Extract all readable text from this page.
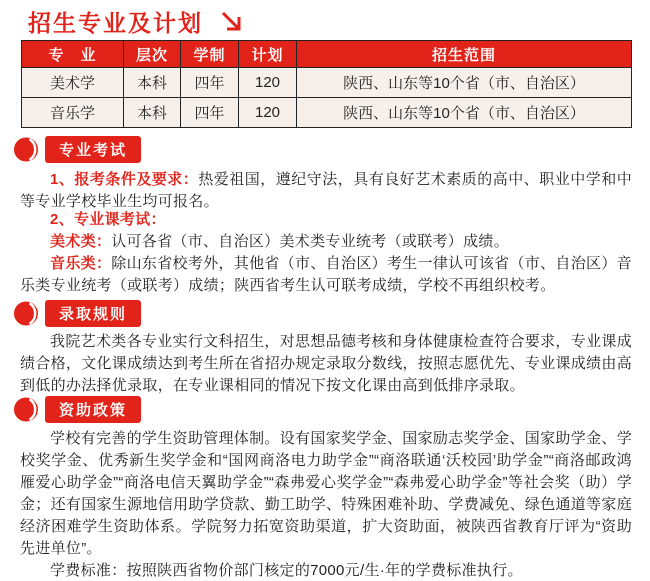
招生专业及计划
专　业	层次	学制	计划	招生范围
美术学	本科	四年	120	陕西、山东等10个省（市、自治区）
音乐学	本科	四年	120	陕西、山东等10个省（市、自治区）
专业考试
1、报考条件及要求：热爱祖国，遵纪守法，具有良好艺术素质的高中、职业中学和中等专业学校毕业生均可报名。
2、专业课考试：
美术类：认可各省（市、自治区）美术类专业统考（或联考）成绩。
音乐类：除山东省校考外，其他省（市、自治区）考生一律认可该省（市、自治区）音乐类专业统考（或联考）成绩；陕西省考生认可联考成绩，学校不再组织校考。
录取规则
我院艺术类各专业实行文科招生，对思想品德考核和身体健康检查符合要求，专业课成绩合格，文化课成绩达到考生所在省招办规定录取分数线，按照志愿优先、专业课成绩由高到低的办法择优录取，在专业课相同的情况下按文化课由高到低排序录取。
资助政策
学校有完善的学生资助管理体制。设有国家奖学金、国家励志奖学金、国家助学金、学校奖学金、优秀新生奖学金和“国网商洛电力助学金”“商洛联通‘沃校园’助学金”“商洛邮政鸿雁爱心助学金”“商洛电信天翼助学金”“森弗爱心奖学金”“森弗爱心助学金”等社会奖（助）学金；还有国家生源地信用助学贷款、勤工助学、特殊困难补助、学费减免、绿色通道等家庭经济困难学生资助体系。学院努力拓宽资助渠道，扩大资助面，被陕西省教育厅评为“资助先进单位”。
学费标准：按照陕西省物价部门核定的7000元/生·年的学费标准执行。
